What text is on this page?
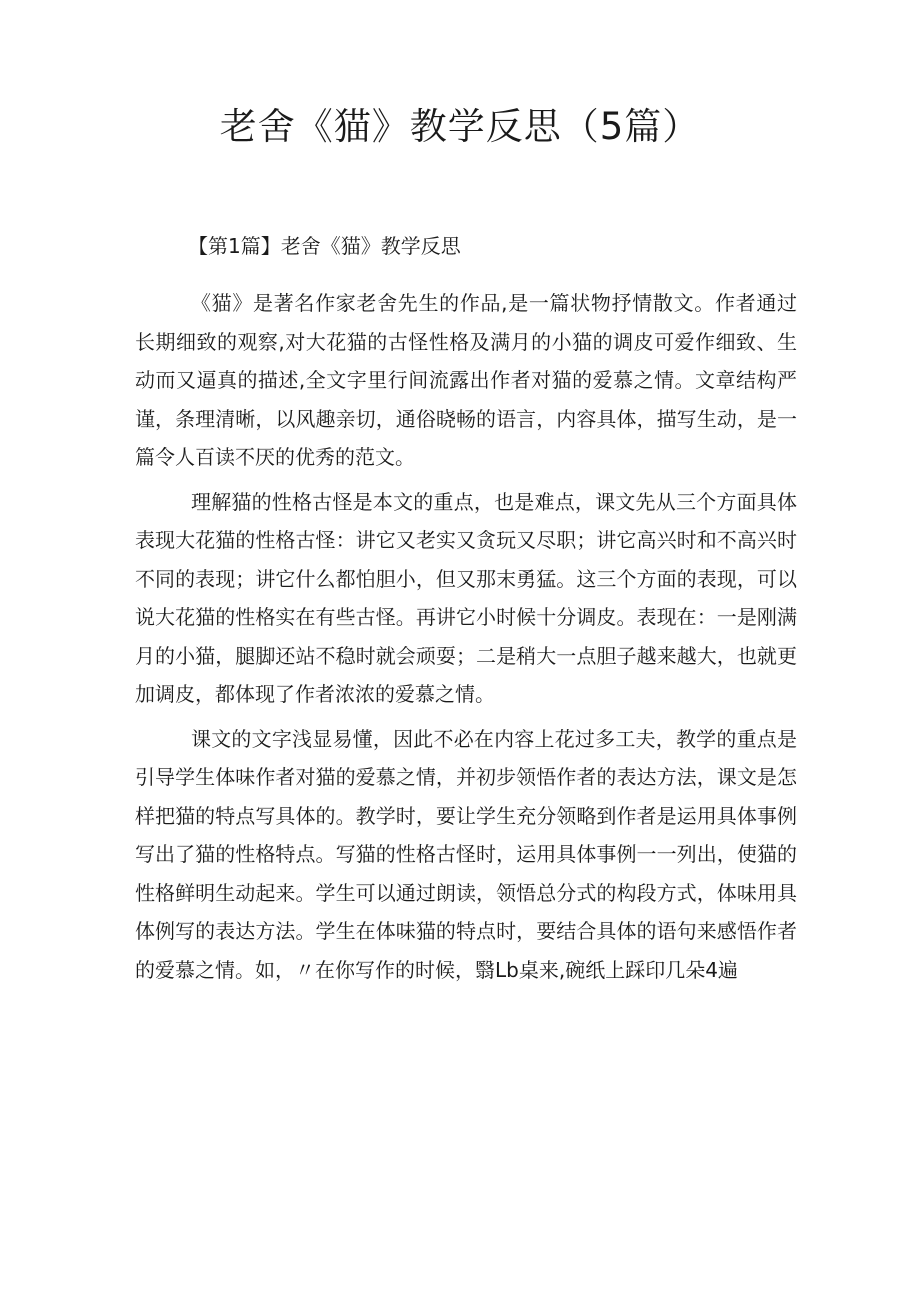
老舍《猫》教学反思（5篇）
【第1篇】老舍《猫》教学反思

《猫》是著名作家老舍先生的作品,是一篇状物抒情散文。作者通过长期细致的观察,对大花猫的古怪性格及满月的小猫的调皮可爱作细致、生动而又逼真的描述,全文字里行间流露出作者对猫的爱慕之情。文章结构严谨，条理清晰，以风趣亲切，通俗晓畅的语言，内容具体，描写生动，是一篇令人百读不厌的优秀的范文。

理解猫的性格古怪是本文的重点，也是难点，课文先从三个方面具体表现大花猫的性格古怪：讲它又老实又贪玩又尽职；讲它高兴时和不高兴时不同的表现；讲它什么都怕胆小，但又那末勇猛。这三个方面的表现，可以说大花猫的性格实在有些古怪。再讲它小时候十分调皮。表现在：一是刚满月的小猫，腿脚还站不稳时就会顽耍；二是稍大一点胆子越来越大，也就更加调皮，都体现了作者浓浓的爱慕之情。

课文的文字浅显易懂，因此不必在内容上花过多工夫，教学的重点是引导学生体味作者对猫的爱慕之情，并初步领悟作者的表达方法，课文是怎样把猫的特点写具体的。教学时，要让学生充分领略到作者是运用具体事例写出了猫的性格特点。写猫的性格古怪时，运用具体事例一一列出，使猫的性格鲜明生动起来。学生可以通过朗读，领悟总分式的构段方式，体味用具体例写的表达方法。学生在体味猫的特点时，要结合具体的语句来感悟作者的爱慕之情。如，〃在你写作的时候，翳Lb桌来,碗纸上踩印几朵4遍
